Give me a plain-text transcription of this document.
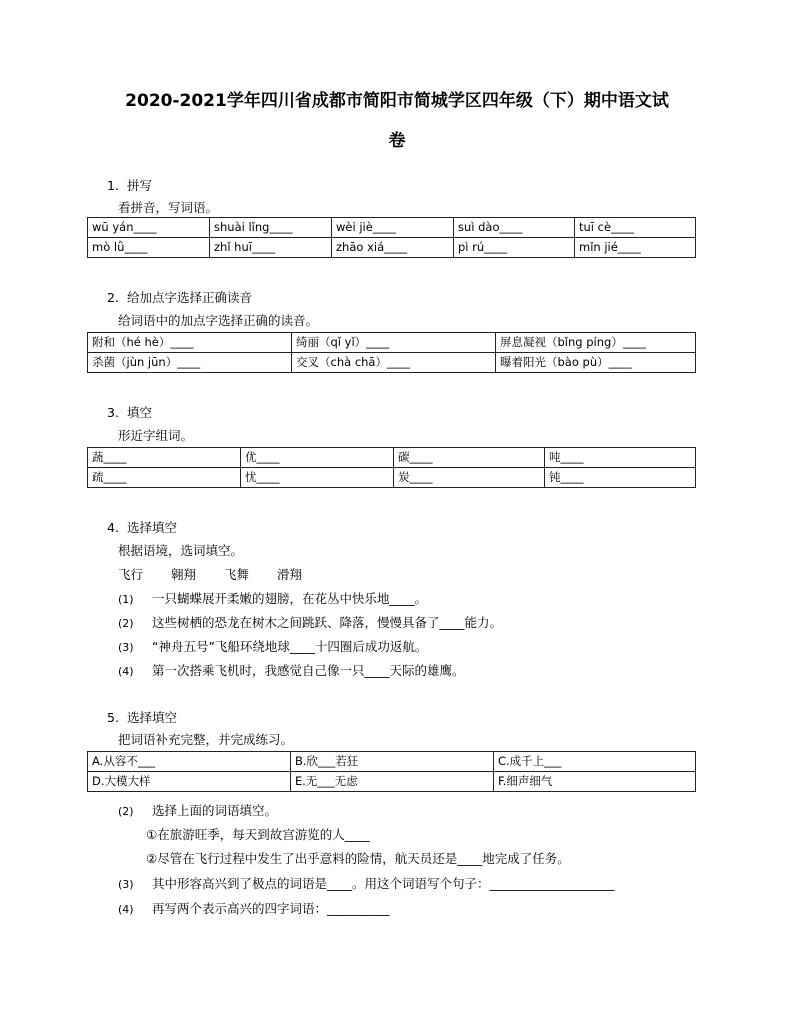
2020-2021学年四川省成都市简阳市简城学区四年级（下）期中语文试
卷
1. 拼写
看拼音，写词语。
wū yán____	shuài lǐng____	wèi jiè____	suì dào____	tuī cè____
mò lǜ____	zhǐ huī____	zhāo xiá____	pì rú____	mǐn jié____
2. 给加点字选择正确读音
给词语中的加点字选择正确的读音。
附和（hé hè）____	绮丽（qǐ yǐ）____	屏息凝视（bǐng píng）____
杀菌（jùn jūn）____	交叉（chà chā）____	曝着阳光（bào pù）____
3. 填空
形近字组词。
蔬____	优____	碳____	吨____
疏____	忧____	炭____	钝____
4. 选择填空
根据语境，选词填空。
飞行 翱翔 飞舞 滑翔
(1) 一只蝴蝶展开柔嫩的翅膀，在花丛中快乐地____。
(2) 这些树栖的恐龙在树木之间跳跃、降落，慢慢具备了____能力。
(3) “神舟五号”飞船环绕地球____十四圈后成功返航。
(4) 第一次搭乘飞机时，我感觉自己像一只____天际的雄鹰。
5. 选择填空
把词语补充完整，并完成练习。
A.从容不___	B.欣___若狂	C.成千上___
D.大模大样	E.无___无虑	F.细声细气
(2) 选择上面的词语填空。
①在旅游旺季，每天到故宫游览的人____
②尽管在飞行过程中发生了出乎意料的险情，航天员还是____地完成了任务。
(3) 其中形容高兴到了极点的词语是____。用这个词语写个句子：____________________
(4) 再写两个表示高兴的四字词语：__________
